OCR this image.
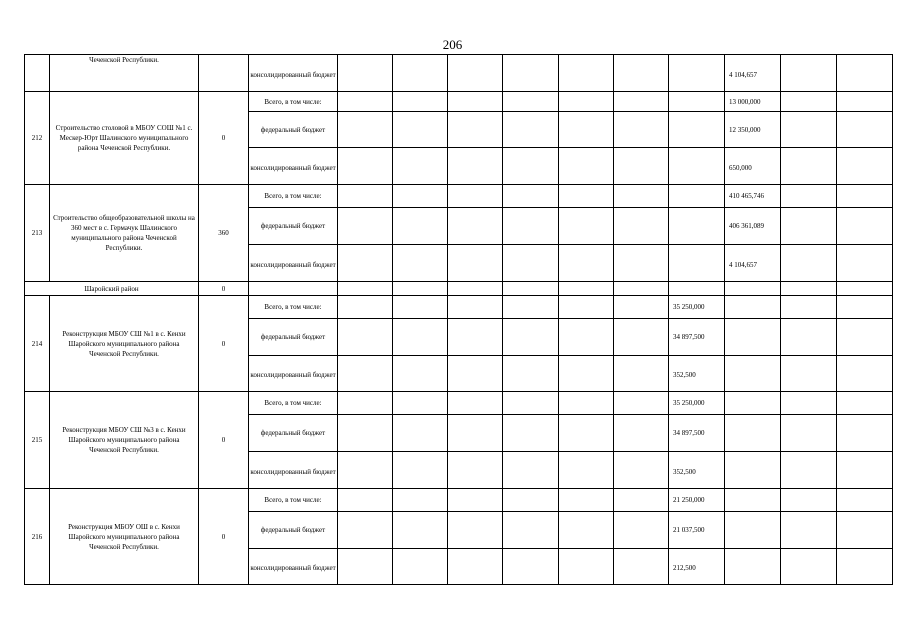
206
	Чеченской Республики.		консолидированный бюджет								4 104,657		
212	Строительство столовой в МБОУ СОШ №1 с. Мескер-Юрт Шалинского муниципального района Чеченской Республики.	0	Всего, в том числе:								13 000,000		
			федеральный бюджет								12 350,000		
			консолидированный бюджет								650,000		
213	Строительство общеобразовательной школы на 360 мест в с. Гермачук Шалинского муниципального района Чеченской Республики.	360	Всего, в том числе:								410 465,746		
			федеральный бюджет								406 361,089		
			консолидированный бюджет								4 104,657		
Шаройский район		0											
214	Реконструкция МБОУ СШ №1 в с. Кенхи Шаройского муниципального района Чеченской Республики.	0	Всего, в том числе:							35 250,000			
			федеральный бюджет							34 897,500			
			консолидированный бюджет							352,500			
215	Реконструкция МБОУ СШ №3 в с. Кенхи Шаройского муниципального района Чеченской Республики.	0	Всего, в том числе:							35 250,000			
			федеральный бюджет							34 897,500			
			консолидированный бюджет							352,500			
216	Реконструкция МБОУ ОШ в с. Кенхи Шаройского муниципального района Чеченской Республики.	0	Всего, в том числе:							21 250,000			
			федеральный бюджет							21 037,500			
			консолидированный бюджет							212,500			
